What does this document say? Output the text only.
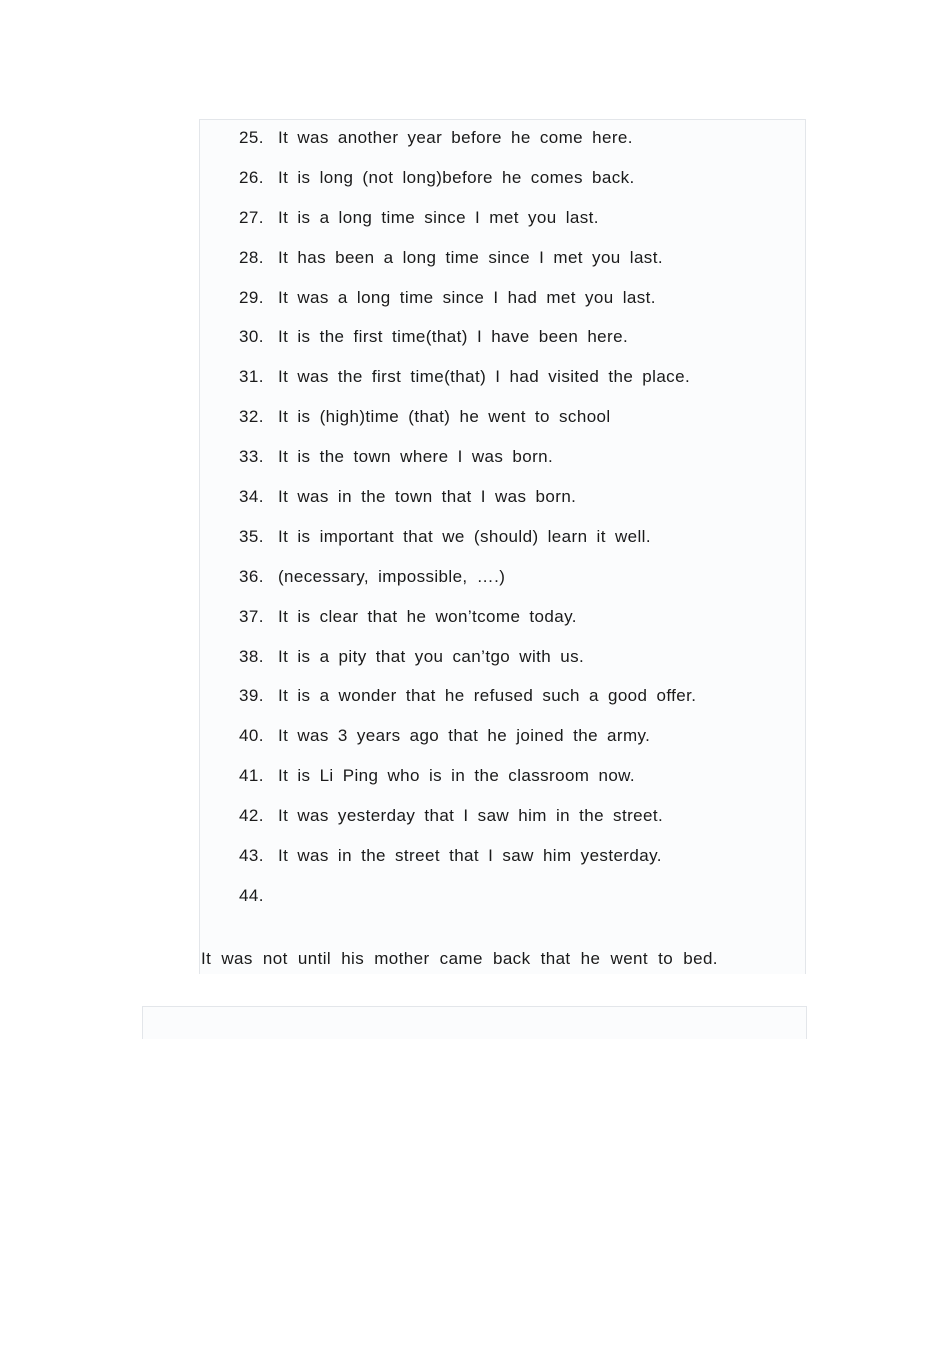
25. It was another year before he come here.
26. It is long (not long)before he comes back.
27. It is a long time since I met you last.
28. It has been a long time since I met you last.
29. It was a long time since I had met you last.
30. It is the first time(that) I have been here.
31. It was the first time(that) I had visited the place.
32. It is (high)time (that) he went to school
33. It is the town where I was born.
34. It was in the town that I was born.
35. It is important that we (should) learn it well.
36. (necessary, impossible, ….)
37. It is clear that he won’tcome today.
38. It is a pity that you can’tgo with us.
39. It is a wonder that he refused such a good offer.
40. It was 3 years ago that he joined the army.
41. It is Li Ping who is in the classroom now.
42. It was yesterday that I saw him in the street.
43. It was in the street that I saw him yesterday.
44.
It was not until his mother came back that he went to bed.
